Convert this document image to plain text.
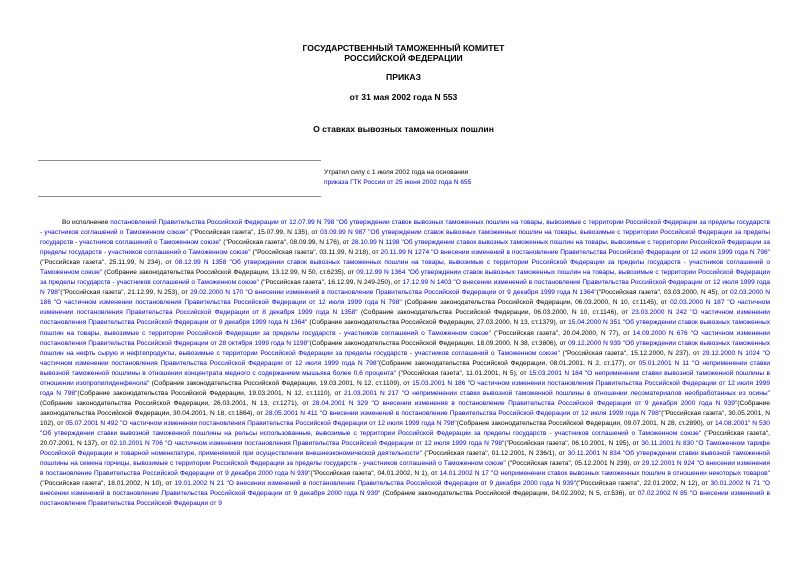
ГОСУДАРСТВЕННЫЙ ТАМОЖЕННЫЙ КОМИТЕТ
РОССИЙСКОЙ ФЕДЕРАЦИИ
ПРИКАЗ
от 31 мая 2002 года N 553
О ставках вывозных таможенных пошлин
Утратил силу с 1 июля 2002 года на основании
приказа ГТК России от 25 июня 2002 года N 655
Во исполнение постановлений Правительства Российской Федерации от 12.07.99 N 798 "Об утверждении ставок вывозных таможенных пошлин на товары, вывозимые с территории Российской Федерации за пределы государств - участников соглашений о Таможенном союзе" ("Российская газета", 15.07.99, N 135), от 03.09.99 N 987 "Об утверждении ставок вывозных таможенных пошлин на товары, вывозимые с территории Российской Федерации за пределы государств - участников соглашений о Таможенном союзе" ("Российская газета", 08.09.99, N 176), от 28.10.99 N 1198 "Об утверждении ставок вывозных таможенных пошлин на товары, вывозимые с территории Российской Федерации за пределы государств - участников соглашений о Таможенном союзе" ("Российская газета", 03.11.99, N 218), от 20.11.99 N 1274 "О внесении изменений в постановление Правительства Российской Федерации от 12 июля 1999 года N 798" ("Российская газета", 25.11.99, N 234), от 08.12.99 N 1358 "Об утверждении ставок вывозных таможенных пошлин на товары, вывозимые с территории Российской Федерации за пределы государств - участников соглашений о Таможенном союзе" (Собрание законодательства Российской Федерации, 13.12.99, N 50, ст.6235), от 09.12.99 N 1364 "Об утверждении ставок вывозных таможенных пошлин на товары, вывозимые с территории Российской Федерации за пределы государств - участников соглашений о Таможенном союзе" ("Российская газета", 16.12.99, N 249-250), от 17.12.99 N 1403 "О внесении изменений в постановление Правительства Российской Федерации от 12 июля 1999 года N 798"("Российская газета", 21.12.99, N 253), от 29.02.2000 N 170 "О внесении изменений в постановление Правительства Российской Федерации от 9 декабря 1999 года N 1364"("Российская газета", 03.03.2000, N 45), от 02.03.2000 N 186 "О частичном изменении постановления Правительства Российской Федерации от 12 июля 1999 года N 798" (Собрание законодательства Российской Федерации, 06.03.2000, N 10, ст.1145), от 02.03.2000 N 187 "О частичном изменении постановления Правительства Российской Федерации от 8 декабря 1999 года N 1358" (Собрание законодательства Российской Федерации, 06.03.2000, N 10, ст.1146), от 23.03.2000 N 242 "О частичном изменении постановления Правительства Российской Федерации от 9 декабря 1999 года N 1364" (Собрание законодательства Российской Федерации, 27.03.2000, N 13, ст.1379), от 15.04.2000 N 351 "Об утверждении ставок вывозных таможенных пошлин на товары, вывозимые с территории Российской Федерации за пределы государств - участников соглашений о Таможенном союзе" ("Российская газета", 20.04.2000, N 77), от 14.09.2000 N 676 "О частичном изменении постановления Правительства Российской Федерации от 28 октября 1999 года N 1198"(Собрание законодательства Российской Федерации, 18.09.2000, N 38, ст.3806), от 09.12.2000 N 939 "Об утверждении ставок вывозных таможенных пошлин на нефть сырую и нефтепродукты, вывозимые с территории Российской Федерации за пределы государств - участников соглашений о Таможенном союзе" ("Российская газета", 15.12.2000, N 237), от 29.12.2000 N 1024 "О частичном изменении постановления Правительства Российской Федерации от 12 июля 1999 года N 798"(Собрание законодательства Российской Федерации, 08.01.2001, N 2, ст.177), от 05.01.2001 N 11 "О неприменении ставки вывозной таможенной пошлины в отношении концентрата медного с содержанием мышьяка более 0,6 процента" ("Российская газета", 11.01.2001, N 5), от 15.03.2001 N 184 "О неприменении ставки вывозной таможенной пошлины в отношении изопропилиденфенола" (Собрание законодательства Российской Федерации, 19.03.2001, N 12, ст.1109), от 15.03.2001 N 186 "О частичном изменении постановления Правительства Российской Федерации от 12 июля 1999 года N 798"(Собрание законодательства Российской Федерации, 19.03.2001, N 12, ст.1110), от 21.03.2001 N 217 "О неприменении ставки вывозной таможенной пошлины в отношении лесоматериалов необработанных из осины" (Собрание законодательства Российской Федерации, 26.03.2001, N 13, ст.1271), от 28.04.2001 N 329 "О внесении изменения в постановление Правительства Российской Федерации от 9 декабря 2000 года N 939"(Собрание законодательства Российской Федерации, 30.04.2001, N 18, ст.1864), от 28.05.2001 N 411 "О внесении изменений в постановление Правительства Российской Федерации от 12 июля 1999 года N 798"("Российская газета", 30.05.2001, N 102), от 05.07.2001 N 492 "О частичном изменении постановления Правительства Российской Федерации от 12 июля 1999 года N 798"(Собрание законодательства Российской Федерации, 09.07.2001, N 28, ст.2890), от 14.08.2001" N 530 "Об утверждении ставки вывозной таможенной пошлины на рельсы использованные, вывозимые с территории Российской Федерации за пределы государств - участников соглашений о Таможенном союзе" ("Российская газета", 20.07.2001, N 137), от 02.10.2001 N 706 "О частичном изменении постановления Правительства Российской Федерации от 12 июля 1999 года N 798"("Российская газета", 06.10.2001, N 195), от 30.11.2001 N 830 "О Таможенном тарифе Российской Федерации и товарной номенклатуре, применяемой при осуществлении внешнеэкономической деятельности" ("Российская газета", 01.12.2001, N 236/1), от 30.11.2001 N 834 "Об утверждении ставки вывозной таможенной пошлины на семена горчицы, вывозимые с территории Российской Федерации за пределы государств - участников соглашений о Таможенном союзе" ("Российская газета", 05.12.2001 N 239), от 29.12.2001 N 924 "О внесении изменения в постановление Правительства Российской Федерации от 9 декабря 2000 года N 939"("Российская газета", 04.01.2002, N 1), от 14.01.2002 N 17 "О неприменении ставок вывозных таможенных пошлин в отношении некоторых товаров" ("Российская газета", 18.01.2002, N 10), от 19.01.2002 N 21 "О внесении изменений в постановление Правительства Российской Федерации от 9 декабря 2000 года N 939"("Российская газета", 22.01.2002, N 12), от 30.01.2002 N 71 "О внесении изменений в постановление Правительства Российской Федерации от 9 декабря 2000 года N 939" (Собрание законодательства Российской Федерации, 04.02.2002, N 5, ст.536), от 07.02.2002 N 85 "О внесении изменений в постановление Правительства Российской Федерации от 9
